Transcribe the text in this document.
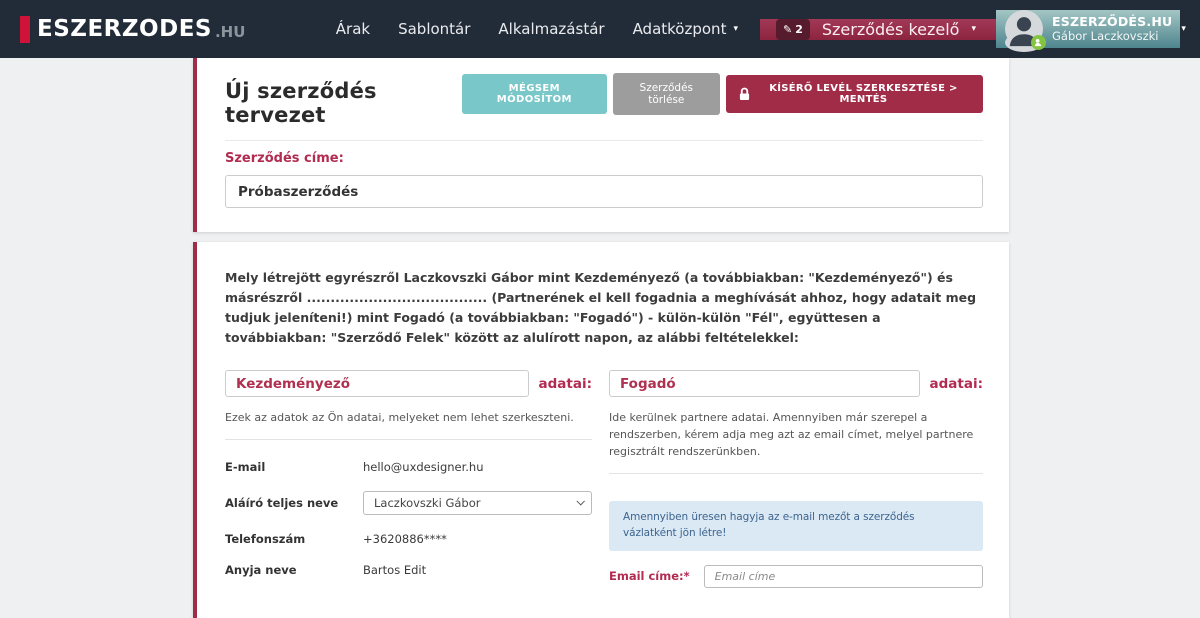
ESZERZODES .HU	Árak Sablontár Alkalmazástár Adatközpont ▾	✎ 2 Szerződés kezelő ▾	ESZERZŐDÉS.HU
Gábor Laczkovszki
▾
Új szerződés tervezet
MÉGSEM MÓDOSÍTOM
Szerződés törlése
KÍSÉRŐ LEVÉL SZERKESZTÉSE > MENTÉS
Szerződés címe:
Próbaszerződés

Mely létrejött egyrészről Laczkovszki Gábor mint Kezdeményező (a továbbiakban: "Kezdeményező") és másrészről ...................................... (Partnerének el kell fogadnia a meghívását ahhoz, hogy adatait meg tudjuk jeleníteni!) mint Fogadó (a továbbiakban: "Fogadó") - külön-külön "Fél", együttesen a továbbiakban: "Szerződő Felek" között az alulírott napon, az alábbi feltételekkel:

Kezdeményező
adatai:
Ezek az adatok az Ön adatai, melyeket nem lehet szerkeszteni.
E-mail	hello@uxdesigner.hu
Aláíró teljes neve
Laczkovszki Gábor
Telefonszám	+3620886****
Anyja neve	Bartos Edit
Fogadó
adatai:
Ide kerülnek partnere adatai. Amennyiben már szerepel a rendszerben, kérem adja meg azt az email címet, melyel partnere regisztrált rendszerünkben.
Amennyiben üresen hagyja az e-mail mezőt a szerződés vázlatként jön létre!
Email címe:*
Email címe
